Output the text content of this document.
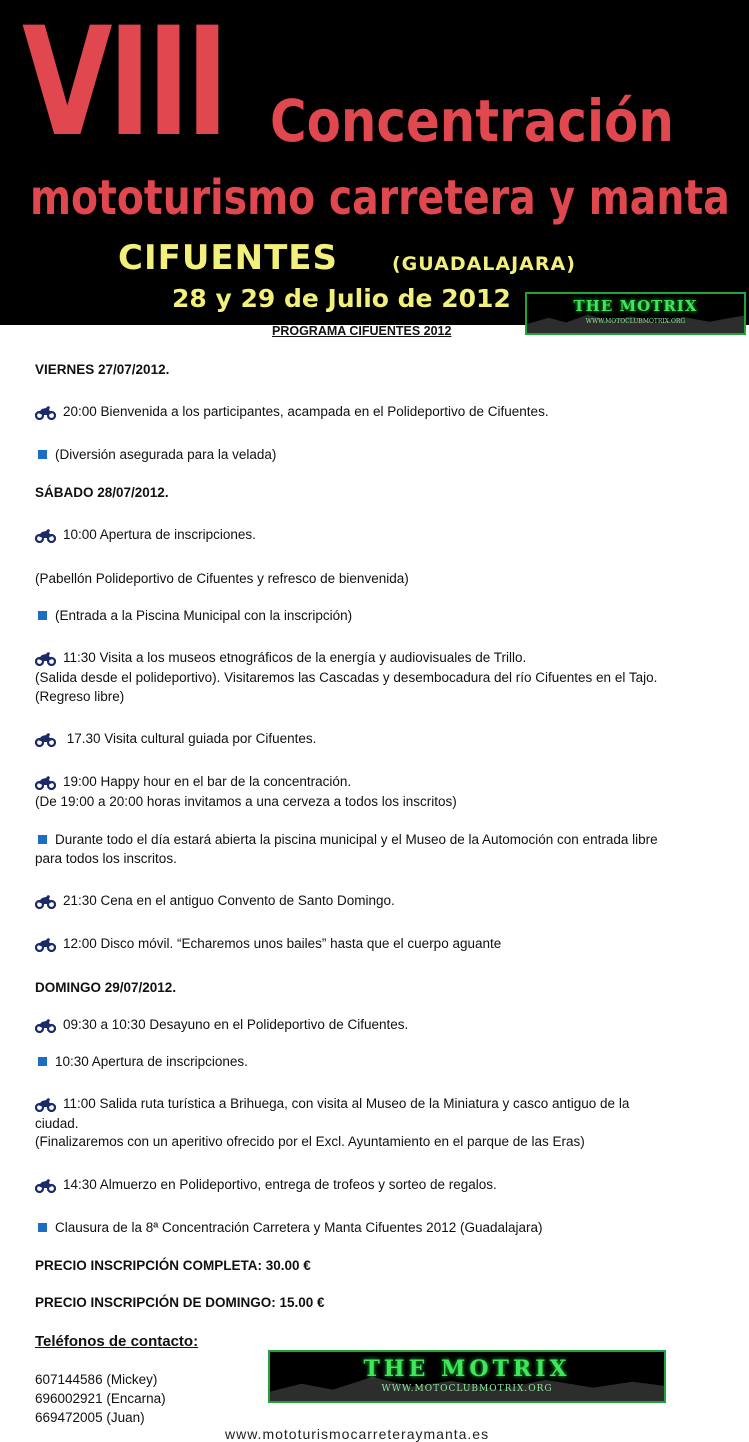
VIII Concentración
mototurismo carretera y manta
CIFUENTES	(GUADALAJARA)
28 y 29 de Julio de 2012	THE MOTRIX
WWW.MOTOCLUBMOTRIX.ORG
PROGRAMA CIFUENTES 2012
VIERNES 27/07/2012.
20:00 Bienvenida a los participantes, acampada en el Polideportivo de Cifuentes.
(Diversión asegurada para la velada)
SÁBADO 28/07/2012.
10:00 Apertura de inscripciones.
(Pabellón Polideportivo de Cifuentes y refresco de bienvenida)
(Entrada a la Piscina Municipal con la inscripción)
11:30 Visita a los museos etnográficos de la energía y audiovisuales de Trillo.
(Salida desde el polideportivo). Visitaremos las Cascadas y desembocadura del río Cifuentes en el Tajo.
(Regreso libre)
17.30 Visita cultural guiada por Cifuentes.
19:00 Happy hour en el bar de la concentración.
(De 19:00 a 20:00 horas invitamos a una cerveza a todos los inscritos)
Durante todo el día estará abierta la piscina municipal y el Museo de la Automoción con entrada libre
para todos los inscritos.
21:30 Cena en el antiguo Convento de Santo Domingo.
12:00 Disco móvil. “Echaremos unos bailes” hasta que el cuerpo aguante
DOMINGO 29/07/2012.
09:30 a 10:30 Desayuno en el Polideportivo de Cifuentes.
10:30 Apertura de inscripciones.
11:00 Salida ruta turística a Brihuega, con visita al Museo de la Miniatura y casco antiguo de la
ciudad.
(Finalizaremos con un aperitivo ofrecido por el Excl. Ayuntamiento en el parque de las Eras)
14:30 Almuerzo en Polideportivo, entrega de trofeos y sorteo de regalos.
Clausura de la 8ª Concentración Carretera y Manta Cifuentes 2012 (Guadalajara)
PRECIO INSCRIPCIÓN COMPLETA: 30.00 €
PRECIO INSCRIPCIÓN DE DOMINGO: 15.00 €
Teléfonos de contacto:
607144586 (Mickey)
696002921 (Encarna)
669472005 (Juan)
THE MOTRIX
WWW.MOTOCLUBMOTRIX.ORG
www.mototurismocarreteraymanta.es
